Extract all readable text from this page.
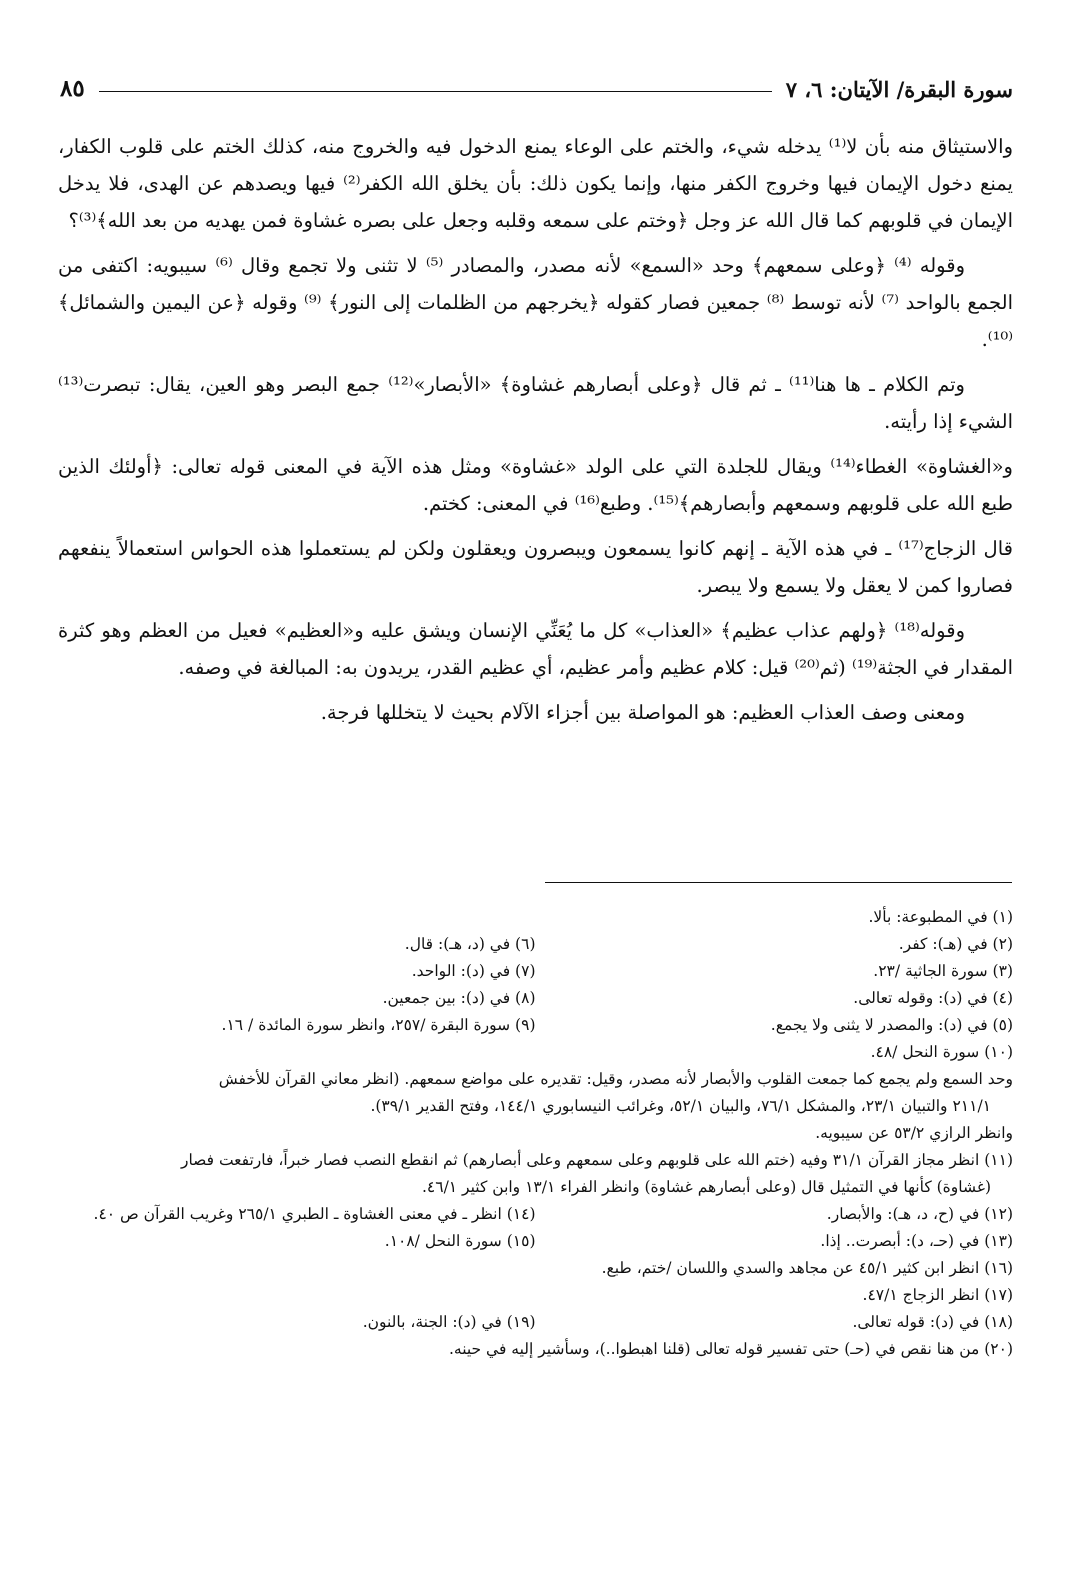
سورة البقرة/ الآيتان: ٦، ٧
٨٥

والاستيثاق منه بأن لا⁽¹⁾ يدخله شيء، والختم على الوعاء يمنع الدخول فيه والخروج منه، كذلك الختم على قلوب الكفار، يمنع دخول الإيمان فيها وخروج الكفر منها، وإنما يكون ذلك: بأن يخلق الله الكفر⁽²⁾ فيها ويصدهم عن الهدى، فلا يدخل الإيمان في قلوبهم كما قال الله عز وجل ﴿وختم على سمعه وقلبه وجعل على بصره غشاوة فمن يهديه من بعد الله﴾⁽³⁾؟

وقوله ⁽⁴⁾ ﴿وعلى سمعهم﴾ وحد «السمع» لأنه مصدر، والمصادر ⁽⁵⁾ لا تثنى ولا تجمع وقال ⁽⁶⁾ سيبويه: اكتفى من الجمع بالواحد ⁽⁷⁾ لأنه توسط ⁽⁸⁾ جمعين فصار كقوله ﴿يخرجهم من الظلمات إلى النور﴾ ⁽⁹⁾ وقوله ﴿عن اليمين والشمائل﴾⁽¹⁰⁾.

وتم الكلام ـ ها هنا⁽¹¹⁾ ـ ثم قال ﴿وعلى أبصارهم غشاوة﴾ «الأبصار»⁽¹²⁾ جمع البصر وهو العين، يقال: تبصرت⁽¹³⁾ الشيء إذا رأيته.

و«الغشاوة» الغطاء⁽¹⁴⁾ ويقال للجلدة التي على الولد «غشاوة» ومثل هذه الآية في المعنى قوله تعالى: ﴿أولئك الذين طبع الله على قلوبهم وسمعهم وأبصارهم﴾⁽¹⁵⁾. وطبع⁽¹⁶⁾ في المعنى: كختم.

قال الزجاج⁽¹⁷⁾ ـ في هذه الآية ـ إنهم كانوا يسمعون ويبصرون ويعقلون ولكن لم يستعملوا هذه الحواس استعمالاً ينفعهم فصاروا كمن لا يعقل ولا يسمع ولا يبصر.

وقوله⁽¹⁸⁾ ﴿ولهم عذاب عظيم﴾ «العذاب» كل ما يُعَنِّي الإنسان ويشق عليه و«العظيم» فعيل من العظم وهو كثرة المقدار في الجثة⁽¹⁹⁾ (ثم⁽²⁰⁾ قيل: كلام عظيم وأمر عظيم، أي عظيم القدر، يريدون به: المبالغة في وصفه.

ومعنى وصف العذاب العظيم: هو المواصلة بين أجزاء الآلام بحيث لا يتخللها فرجة.

(١) في المطبوعة: بألا.
(٢) في (هـ): كفر.
(٦) في (د، هـ): قال.
(٣) سورة الجاثية /٢٣.
(٧) في (د): الواحد.
(٤) في (د): وقوله تعالى.
(٨) في (د): بين جمعين.
(٥) في (د): والمصدر لا يثنى ولا يجمع.
(٩) سورة البقرة /٢٥٧، وانظر سورة المائدة / ١٦.
(١٠) سورة النحل /٤٨.
وحد السمع ولم يجمع كما جمعت القلوب والأبصار لأنه مصدر، وقيل: تقديره على مواضع سمعهم. (انظر معاني القرآن للأخفش
٢١١/١ والتبيان ٢٣/١، والمشكل ٧٦/١، والبيان ٥٢/١، وغرائب النيسابوري ١٤٤/١، وفتح القدير ٣٩/١).
وانظر الرازي ٥٣/٢ عن سيبويه.
(١١) انظر مجاز القرآن ٣١/١ وفيه (ختم الله على قلوبهم وعلى سمعهم وعلى أبصارهم) ثم انقطع النصب فصار خبراً، فارتفعت فصار
(غشاوة) كأنها في التمثيل قال (وعلى أبصارهم غشاوة) وانظر الفراء ١٣/١ وابن كثير ٤٦/١.
(١٢) في (ح، د، هـ): والأبصار.
(١٤) انظر ـ في معنى الغشاوة ـ الطبري ٢٦٥/١ وغريب القرآن ص ٤٠.
(١٣) في (حـ، د): أبصرت.. إذا.
(١٥) سورة النحل /١٠٨.
(١٦) انظر ابن كثير ٤٥/١ عن مجاهد والسدي واللسان /ختم، طبع.
(١٧) انظر الزجاج ٤٧/١.
(١٨) في (د): قوله تعالى.
(١٩) في (د): الجنة، بالنون.
(٢٠) من هنا نقص في (حـ) حتى تفسير قوله تعالى (قلنا اهبطوا..)، وسأشير إليه في حينه.
